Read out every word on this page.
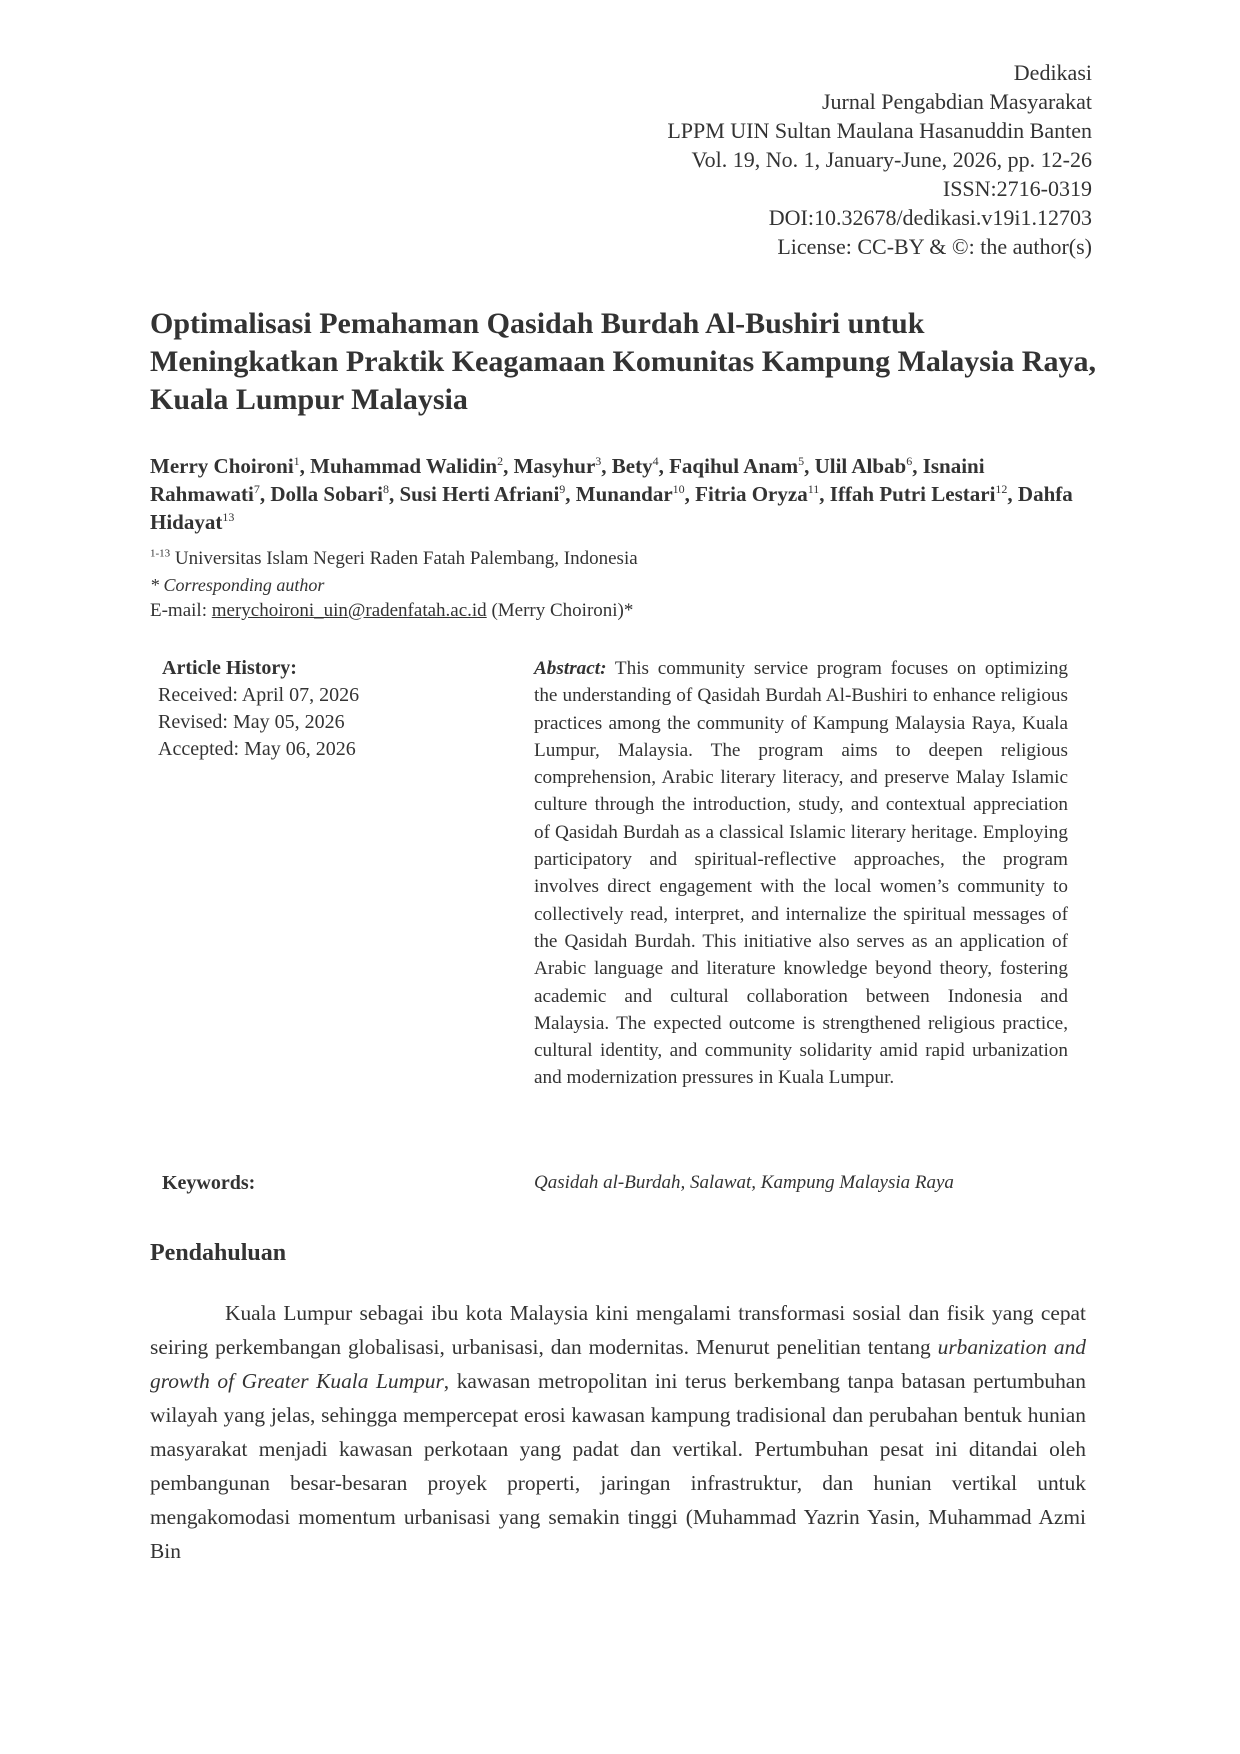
Dedikasi
Jurnal Pengabdian Masyarakat
LPPM UIN Sultan Maulana Hasanuddin Banten
Vol. 19, No. 1, January-June, 2026, pp. 12-26
ISSN:2716-0319
DOI:10.32678/dedikasi.v19i1.12703
License: CC-BY & ©: the author(s)
Optimalisasi Pemahaman Qasidah Burdah Al-Bushiri untuk Meningkatkan Praktik Keagamaan Komunitas Kampung Malaysia Raya, Kuala Lumpur Malaysia
Merry Choironi$^1$, Muhammad Walidin$^2$, Masyhur$^3$, Bety$^4$, Faqihul Anam$^5$, Ulil Albab$^6$, Isnaini Rahmawati$^7$, Dolla Sobari$^8$, Susi Herti Afriani$^9$, Munandar$^{10}$, Fitria Oryza$^{11}$, Iffah Putri Lestari$^{12}$, Dahfa Hidayat$^{13}$
$^{1-13}$ Universitas Islam Negeri Raden Fatah Palembang, Indonesia
* Corresponding author
E-mail: merychoironi_uin@radenfatah.ac.id (Merry Choironi)*
Article History:
Received: April 07, 2026
Revised: May 05, 2026
Accepted: May 06, 2026

Abstract: This community service program focuses on optimizing the understanding of Qasidah Burdah Al-Bushiri to enhance religious practices among the community of Kampung Malaysia Raya, Kuala Lumpur, Malaysia. The program aims to deepen religious comprehension, Arabic literary literacy, and preserve Malay Islamic culture through the introduction, study, and contextual appreciation of Qasidah Burdah as a classical Islamic literary heritage. Employing participatory and spiritual-reflective approaches, the program involves direct engagement with the local women’s community to collectively read, interpret, and internalize the spiritual messages of the Qasidah Burdah. This initiative also serves as an application of Arabic language and literature knowledge beyond theory, fostering academic and cultural collaboration between Indonesia and Malaysia. The expected outcome is strengthened religious practice, cultural identity, and community solidarity amid rapid urbanization and modernization pressures in Kuala Lumpur.

Keywords:	Qasidah al-Burdah, Salawat, Kampung Malaysia Raya
Pendahuluan

Kuala Lumpur sebagai ibu kota Malaysia kini mengalami transformasi sosial dan fisik yang cepat seiring perkembangan globalisasi, urbanisasi, dan modernitas. Menurut penelitian tentang urbanization and growth of Greater Kuala Lumpur, kawasan metropolitan ini terus berkembang tanpa batasan pertumbuhan wilayah yang jelas, sehingga mempercepat erosi kawasan kampung tradisional dan perubahan bentuk hunian masyarakat menjadi kawasan perkotaan yang padat dan vertikal. Pertumbuhan pesat ini ditandai oleh pembangunan besar-besaran proyek properti, jaringan infrastruktur, dan hunian vertikal untuk mengakomodasi momentum urbanisasi yang semakin tinggi (Muhammad Yazrin Yasin, Muhammad Azmi Bin
